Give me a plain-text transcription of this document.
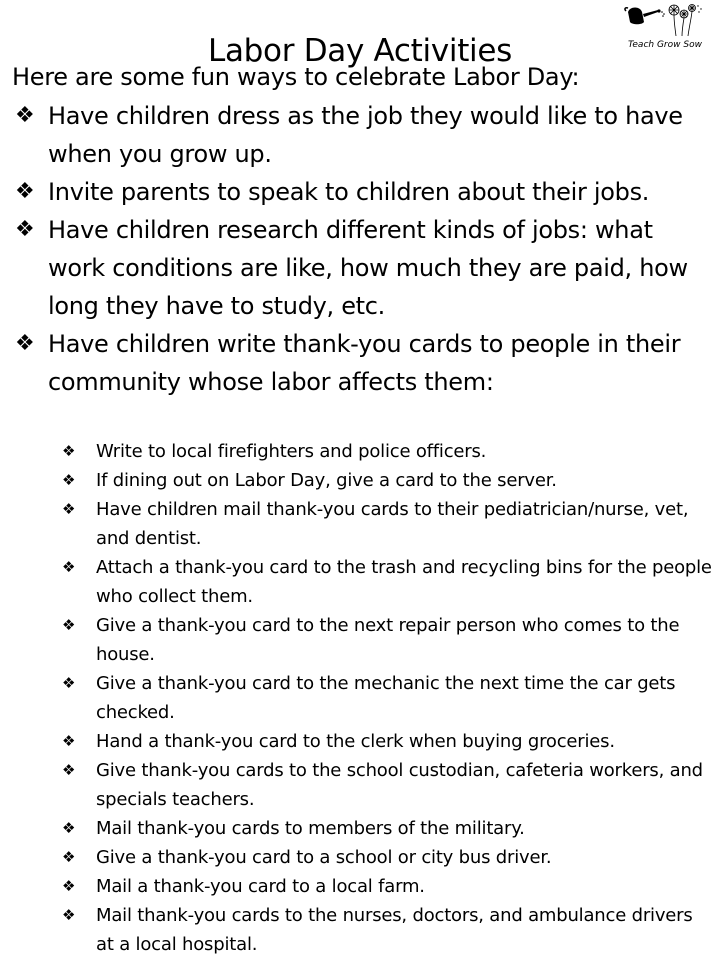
Labor Day Activities	Teach Grow Sow
Here are some fun ways to celebrate Labor Day:
❖ Have children dress as the job they would like to have when you grow up.
❖ Invite parents to speak to children about their jobs.
❖ Have children research different kinds of jobs: what work conditions are like, how much they are paid, how long they have to study, etc.
❖ Have children write thank-you cards to people in their community whose labor affects them:
❖ Write to local firefighters and police officers.
❖ If dining out on Labor Day, give a card to the server.
❖ Have children mail thank-you cards to their pediatrician/nurse, vet, and dentist.
❖ Attach a thank-you card to the trash and recycling bins for the people who collect them.
❖ Give a thank-you card to the next repair person who comes to the house.
❖ Give a thank-you card to the mechanic the next time the car gets checked.
❖ Hand a thank-you card to the clerk when buying groceries.
❖ Give thank-you cards to the school custodian, cafeteria workers, and specials teachers.
❖ Mail thank-you cards to members of the military.
❖ Give a thank-you card to a school or city bus driver.
❖ Mail a thank-you card to a local farm.
❖ Mail thank-you cards to the nurses, doctors, and ambulance drivers at a local hospital.
